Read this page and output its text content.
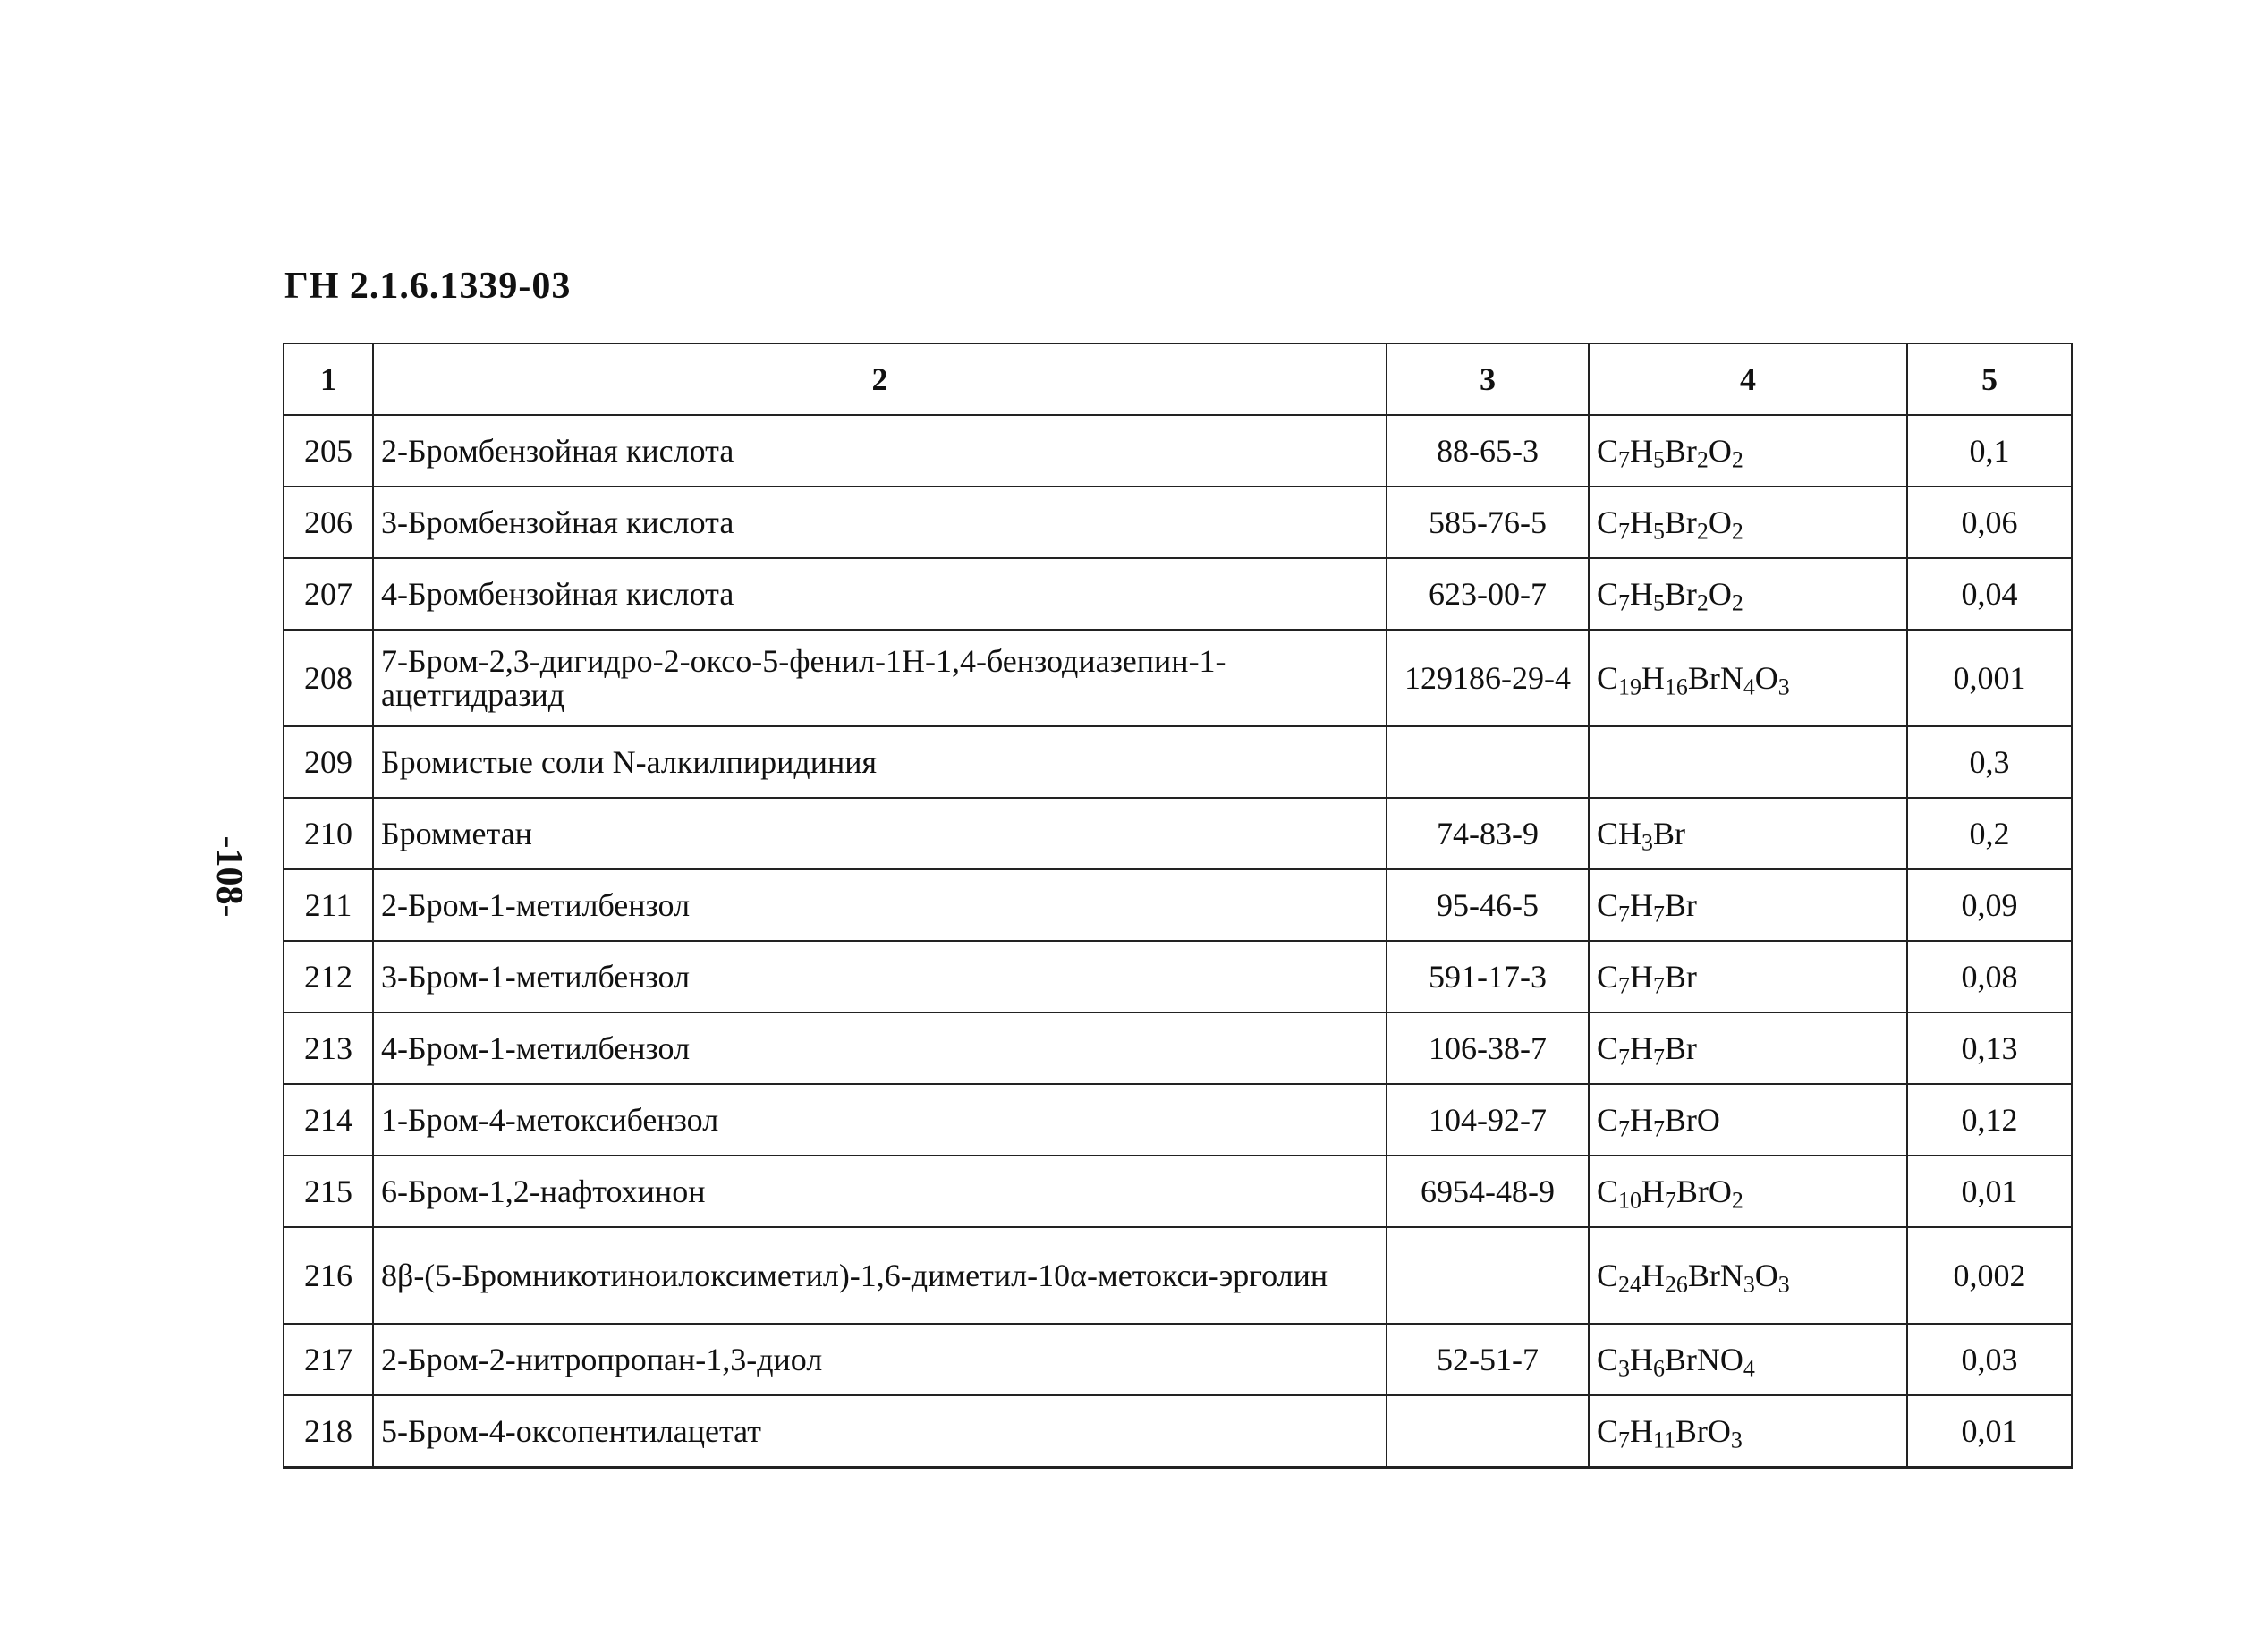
ГН 2.1.6.1339-03
-108-
1	2	3	4	5
205	2-Бромбензойная кислота	88-65-3	$C_7H_5Br_2O_2$	0,1
206	3-Бромбензойная кислота	585-76-5	$C_7H_5Br_2O_2$	0,06
207	4-Бромбензойная кислота	623-00-7	$C_7H_5Br_2O_2$	0,04
208	7-Бром-2,3-дигидро-2-оксо-5-фенил-1Н-1,4-бензодиазепин-1-ацетгидразид	129186-29-4	$C_{19}H_{16}BrN_4O_3$	0,001
209	Бромистые соли N-алкилпиридиния			0,3
210	Бромметан	74-83-9	$CH_3Br$	0,2
211	2-Бром-1-метилбензол	95-46-5	$C_7H_7Br$	0,09
212	3-Бром-1-метилбензол	591-17-3	$C_7H_7Br$	0,08
213	4-Бром-1-метилбензол	106-38-7	$C_7H_7Br$	0,13
214	1-Бром-4-метоксибензол	104-92-7	$C_7H_7BrO$	0,12
215	6-Бром-1,2-нафтохинон	6954-48-9	$C_{10}H_7BrO_2$	0,01
216	8β-(5-Бромникотиноилоксиметил)-1,6-диметил-10α-метокси-эрголин		$C_{24}H_{26}BrN_3O_3$	0,002
217	2-Бром-2-нитропропан-1,3-диол	52-51-7	$C_3H_6BrNO_4$	0,03
218	5-Бром-4-оксопентилацетат		$C_7H_{11}BrO_3$	0,01
